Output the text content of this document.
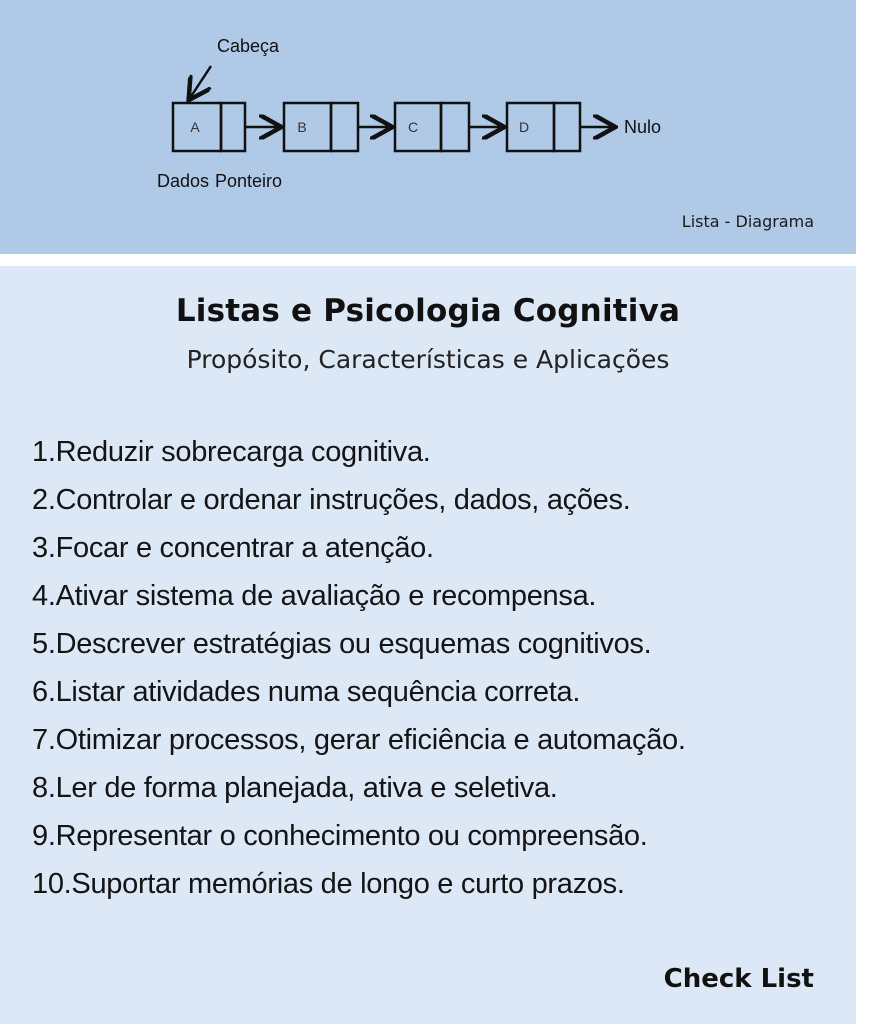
Cabeça
A	B	C	D	Nulo
Dados Ponteiro
Lista - Diagrama
Listas e Psicologia Cognitiva
Propósito, Características e Aplicações
1.Reduzir sobrecarga cognitiva.
2.Controlar e ordenar instruções, dados, ações.
3.Focar e concentrar a atenção.
4.Ativar sistema de avaliação e recompensa.
5.Descrever estratégias ou esquemas cognitivos.
6.Listar atividades numa sequência correta.
7.Otimizar processos, gerar eficiência e automação.
8.Ler de forma planejada, ativa e seletiva.
9.Representar o conhecimento ou compreensão.
10.Suportar memórias de longo e curto prazos.
Check List
